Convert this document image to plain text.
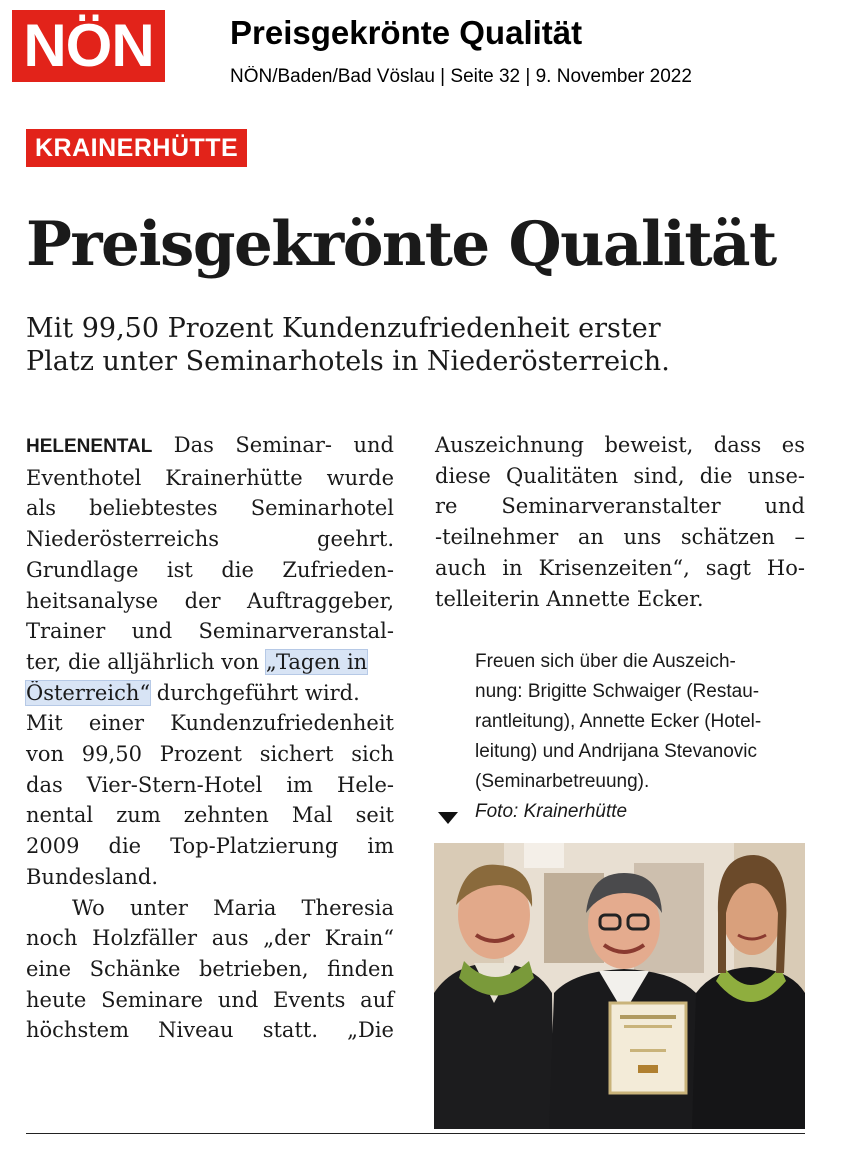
NÖN	Preisgekrönte Qualität
NÖN/Baden/Bad Vöslau | Seite 32 | 9. November 2022
KRAINERHÜTTE
Preisgekrönte Qualität
Mit 99,50 Prozent Kundenzufriedenheit erster
Platz unter Seminarhotels in Niederösterreich.
HELENENTAL Das Seminar- und
Eventhotel Krainerhütte wurde
als beliebtestes Seminarhotel
Niederösterreichs geehrt.
Grundlage ist die Zufrieden-
heitsanalyse der Auftraggeber,
Trainer und Seminarveranstal-
ter, die alljährlich von „Tagen in
Österreich“ durchgeführt wird.
Mit einer Kundenzufriedenheit
von 99,50 Prozent sichert sich
das Vier-Stern-Hotel im Hele-
nental zum zehnten Mal seit
2009 die Top-Platzierung im
Bundesland.
Wo unter Maria Theresia
noch Holzfäller aus „der Krain“
eine Schänke betrieben, finden
heute Seminare und Events auf
höchstem Niveau statt. „Die
Auszeichnung beweist, dass es
diese Qualitäten sind, die unse-
re Seminarveranstalter und
-teilnehmer an uns schätzen –
auch in Krisenzeiten“, sagt Ho-
telleiterin Annette Ecker.
Freuen sich über die Auszeich-
nung: Brigitte Schwaiger (Restau-
rantleitung), Annette Ecker (Hotel-
leitung) und Andrijana Stevanovic
(Seminarbetreuung).
Foto: Krainerhütte
